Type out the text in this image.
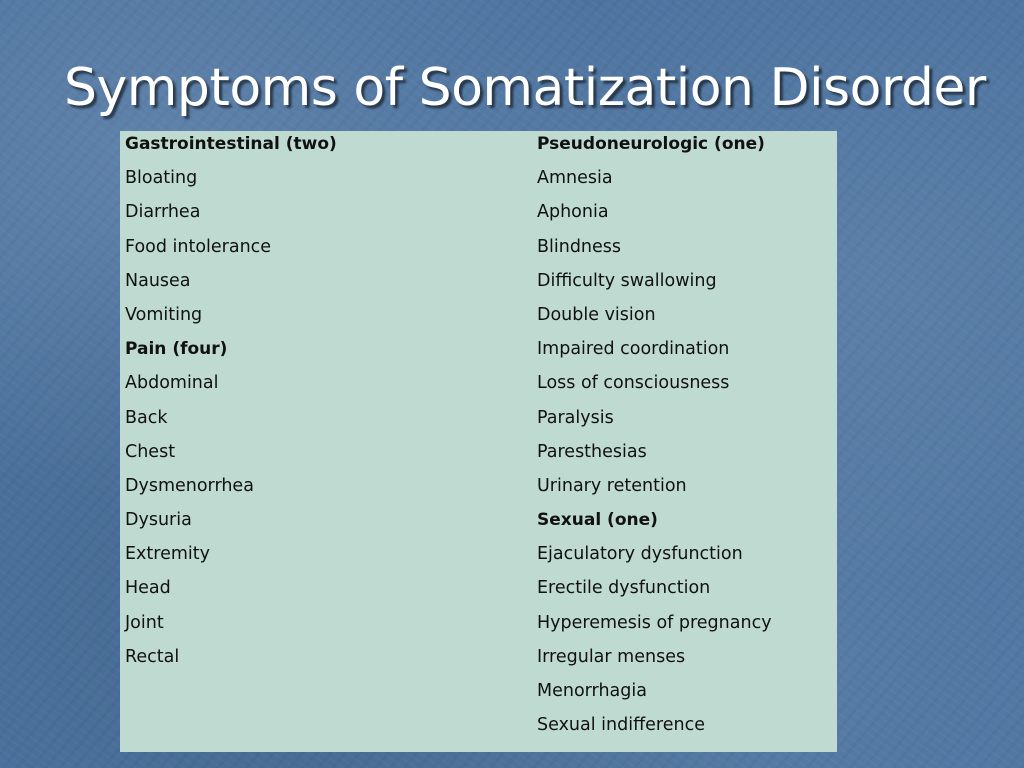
Symptoms of Somatization Disorder
Gastrointestinal (two)
Bloating
Diarrhea
Food intolerance
Nausea
Vomiting
Pain (four)
Abdominal
Back
Chest
Dysmenorrhea
Dysuria
Extremity
Head
Joint
Rectal
Pseudoneurologic (one)
Amnesia
Aphonia
Blindness
Difficulty swallowing
Double vision
Impaired coordination
Loss of consciousness
Paralysis
Paresthesias
Urinary retention
Sexual (one)
Ejaculatory dysfunction
Erectile dysfunction
Hyperemesis of pregnancy
Irregular menses
Menorrhagia
Sexual indifference
